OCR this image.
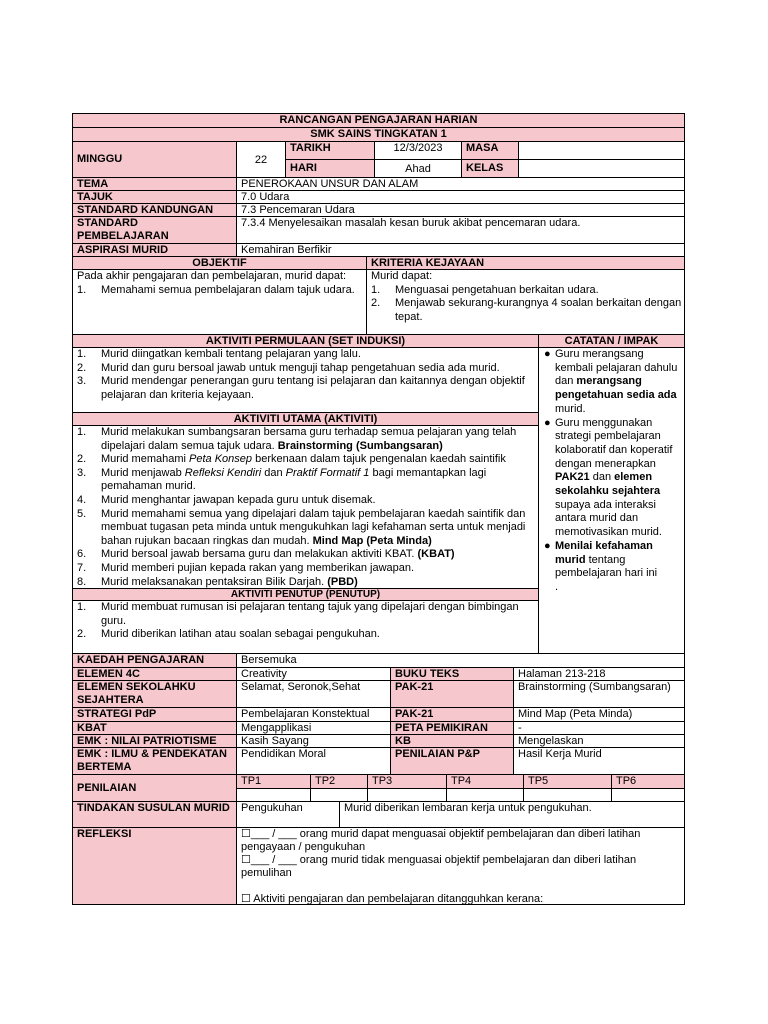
RANCANGAN PENGAJARAN HARIAN
SMK SAINS TINGKATAN 1
MINGGU	22
TARIKH	12/3/2023	MASA
HARI	Ahad	KELAS
TEMA	PENEROKAAN UNSUR DAN ALAM
TAJUK	7.0 Udara
STANDARD KANDUNGAN	7.3 Pencemaran Udara
STANDARD PEMBELAJARAN
7.3.4 Menyelesaikan masalah kesan buruk akibat pencemaran udara.
ASPIRASI MURID	Kemahiran Berfikir
OBJEKTIF	KRITERIA KEJAYAAN
Pada akhir pengajaran dan pembelajaran, murid dapat:
1.	Memahami semua pembelajaran dalam tajuk udara.
Murid dapat:
1.	Menguasai pengetahuan berkaitan udara.
2.	Menjawab sekurang-kurangnya 4 soalan berkaitan dengan tepat.
AKTIVITI PERMULAAN (SET INDUKSI)	CATATAN / IMPAK
1.	Murid diingatkan kembali tentang pelajaran yang lalu.
2.	Murid dan guru bersoal jawab untuk menguji tahap pengetahuan sedia ada murid.
3.	Murid mendengar penerangan guru tentang isi pelajaran dan kaitannya dengan objektif pelajaran dan kriteria kejayaan.
AKTIVITI UTAMA (AKTIVITI)
1.	Murid melakukan sumbangsaran bersama guru terhadap semua pelajaran yang telah dipelajari dalam semua tajuk udara. Brainstorming (Sumbangsaran)
2.	Murid memahami Peta Konsep berkenaan dalam tajuk pengenalan kaedah saintifik
3.	Murid menjawab Refleksi Kendiri dan Praktif Formatif 1 bagi memantapkan lagi pemahaman murid.
4.	Murid menghantar jawapan kepada guru untuk disemak.
5.	Murid memahami semua yang dipelajari dalam tajuk pembelajaran kaedah saintifik dan membuat tugasan peta minda untuk mengukuhkan lagi kefahaman serta untuk menjadi bahan rujukan bacaan ringkas dan mudah. Mind Map (Peta Minda)
6.	Murid bersoal jawab bersama guru dan melakukan aktiviti KBAT. (KBAT)
7.	Murid memberi pujian kepada rakan yang memberikan jawapan.
8.	Murid melaksanakan pentaksiran Bilik Darjah. (PBD)
AKTIVITI PENUTUP (PENUTUP)
1.	Murid membuat rumusan isi pelajaran tentang tajuk yang dipelajari dengan bimbingan guru.
2.	Murid diberikan latihan atau soalan sebagai pengukuhan.
● Guru merangsang kembali pelajaran dahulu dan merangsang pengetahuan sedia ada murid.
● Guru menggunakan strategi pembelajaran kolaboratif dan koperatif dengan menerapkan PAK21 dan elemen sekolahku sejahtera supaya ada interaksi antara murid dan memotivasikan murid.
● Menilai kefahaman murid tentang pembelajaran hari ini
.
KAEDAH PENGAJARAN	Bersemuka
ELEMEN 4C	Creativity	BUKU TEKS	Halaman 213-218
ELEMEN SEKOLAHKU SEJAHTERA
Selamat, Seronok,Sehat	PAK-21	Brainstorming (Sumbangsaran)
STRATEGI PdP	Pembelajaran Konstektual	PAK-21	Mind Map (Peta Minda)
KBAT	Mengapplikasi	PETA PEMIKIRAN	-
EMK : NILAI PATRIOTISME	Kasih Sayang	KB	Mengelaskan
EMK : ILMU & PENDEKATAN BERTEMA
Pendidikan Moral	PENILAIAN P&P	Hasil Kerja Murid
PENILAIAN
TP1	TP2	TP3	TP4	TP5	TP6
TINDAKAN SUSULAN MURID	Pengukuhan	Murid diberikan lembaran kerja untuk pengukuhan.
REFLEKSI	☐___ / ___ orang murid dapat menguasai objektif pembelajaran dan diberi latihan pengayaan / pengukuhan
☐___ / ___ orang murid tidak menguasai objektif pembelajaran dan diberi latihan pemulihan
☐ Aktiviti pengajaran dan pembelajaran ditangguhkan kerana:
